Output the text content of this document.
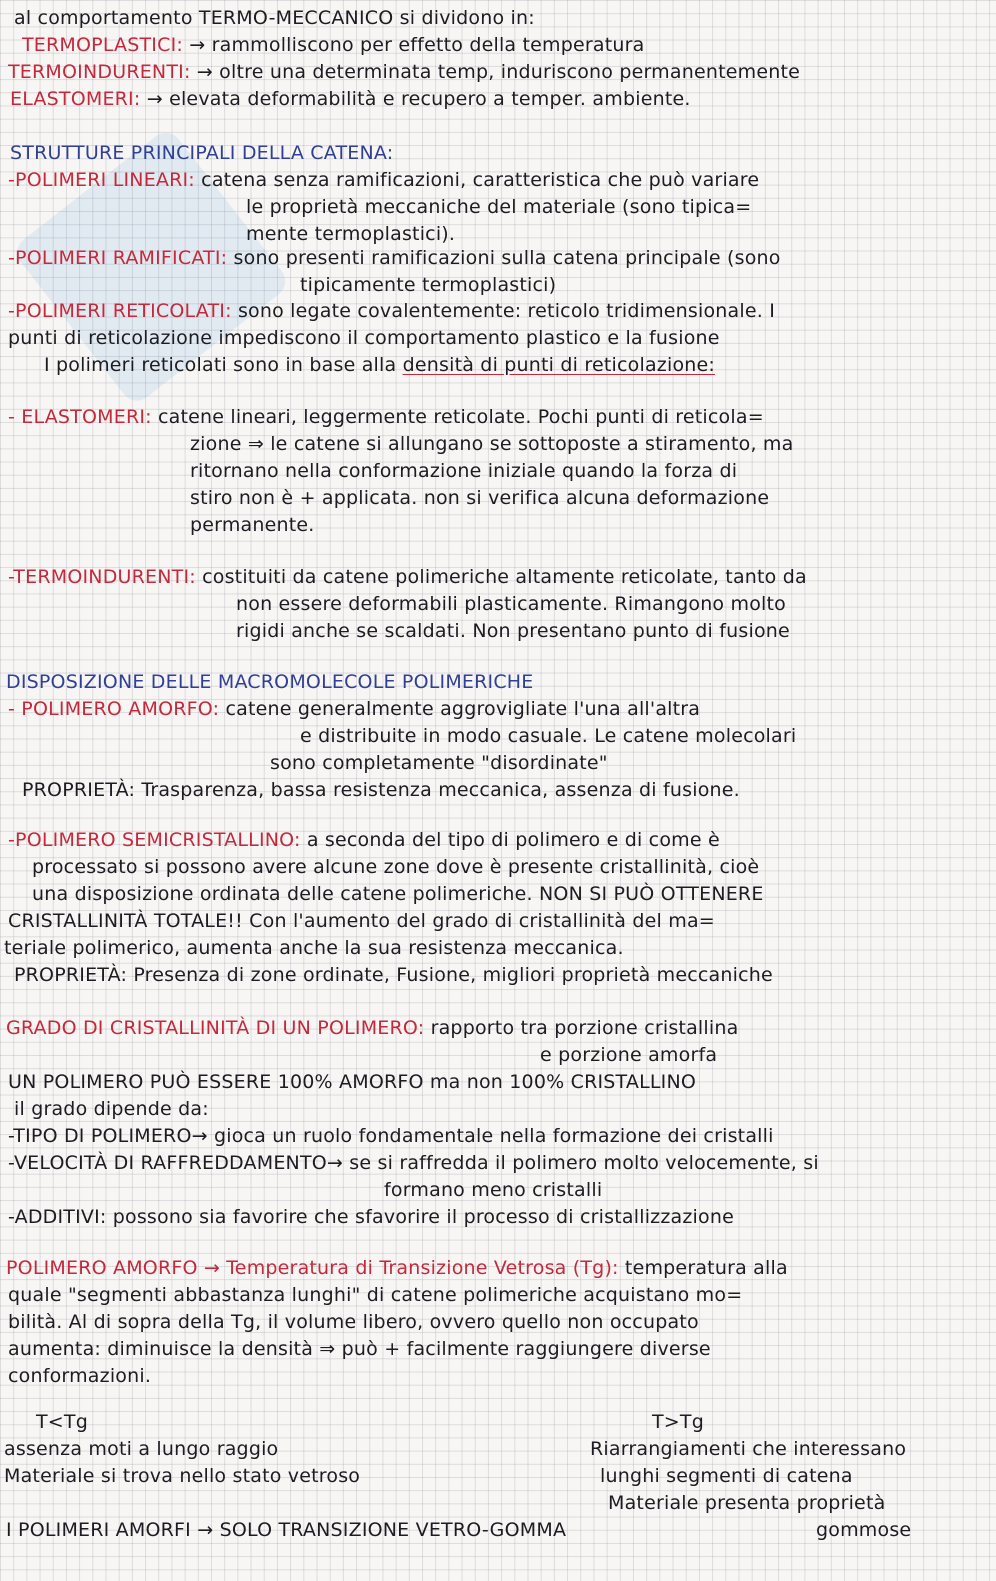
al comportamento TERMO-MECCANICO si dividono in:
TERMOPLASTICI: → rammolliscono per effetto della temperatura
TERMOINDURENTI: → oltre una determinata temp, induriscono permanentemente
ELASTOMERI: → elevata deformabilità e recupero a temper. ambiente.
STRUTTURE PRINCIPALI DELLA CATENA:
-POLIMERI LINEARI: catena senza ramificazioni, caratteristica che può variare
le proprietà meccaniche del materiale (sono tipica=
mente termoplastici).
-POLIMERI RAMIFICATI: sono presenti ramificazioni sulla catena principale (sono
tipicamente termoplastici)
-POLIMERI RETICOLATI: sono legate covalentemente: reticolo tridimensionale. I
punti di reticolazione impediscono il comportamento plastico e la fusione
I polimeri reticolati sono in base alla densità di punti di reticolazione:
- ELASTOMERI: catene lineari, leggermente reticolate. Pochi punti di reticola=
zione ⇒ le catene si allungano se sottoposte a stiramento, ma
ritornano nella conformazione iniziale quando la forza di
stiro non è + applicata. non si verifica alcuna deformazione
permanente.
-TERMOINDURENTI: costituiti da catene polimeriche altamente reticolate, tanto da
non essere deformabili plasticamente. Rimangono molto
rigidi anche se scaldati. Non presentano punto di fusione
DISPOSIZIONE DELLE MACROMOLECOLE POLIMERICHE
- POLIMERO AMORFO: catene generalmente aggrovigliate l'una all'altra
e distribuite in modo casuale. Le catene molecolari
sono completamente "disordinate"
PROPRIETÀ: Trasparenza, bassa resistenza meccanica, assenza di fusione.
-POLIMERO SEMICRISTALLINO: a seconda del tipo di polimero e di come è
processato si possono avere alcune zone dove è presente cristallinità, cioè
una disposizione ordinata delle catene polimeriche. NON SI PUÒ OTTENERE
CRISTALLINITÀ TOTALE!! Con l'aumento del grado di cristallinità del ma=
teriale polimerico, aumenta anche la sua resistenza meccanica.
PROPRIETÀ: Presenza di zone ordinate, Fusione, migliori proprietà meccaniche
GRADO DI CRISTALLINITÀ DI UN POLIMERO: rapporto tra porzione cristallina
e porzione amorfa
UN POLIMERO PUÒ ESSERE 100% AMORFO ma non 100% CRISTALLINO
il grado dipende da:
-TIPO DI POLIMERO→ gioca un ruolo fondamentale nella formazione dei cristalli
-VELOCITÀ DI RAFFREDDAMENTO→ se si raffredda il polimero molto velocemente, si
formano meno cristalli
-ADDITIVI: possono sia favorire che sfavorire il processo di cristallizzazione
POLIMERO AMORFO → Temperatura di Transizione Vetrosa (Tg): temperatura alla
quale "segmenti abbastanza lunghi" di catene polimeriche acquistano mo=
bilità. Al di sopra della Tg, il volume libero, ovvero quello non occupato
aumenta: diminuisce la densità ⇒ può + facilmente raggiungere diverse
conformazioni.
T<Tg
assenza moti a lungo raggio
Materiale si trova nello stato vetroso
T>Tg
Riarrangiamenti che interessano
lunghi segmenti di catena
Materiale presenta proprietà
gommose
I POLIMERI AMORFI → SOLO TRANSIZIONE VETRO-GOMMA
